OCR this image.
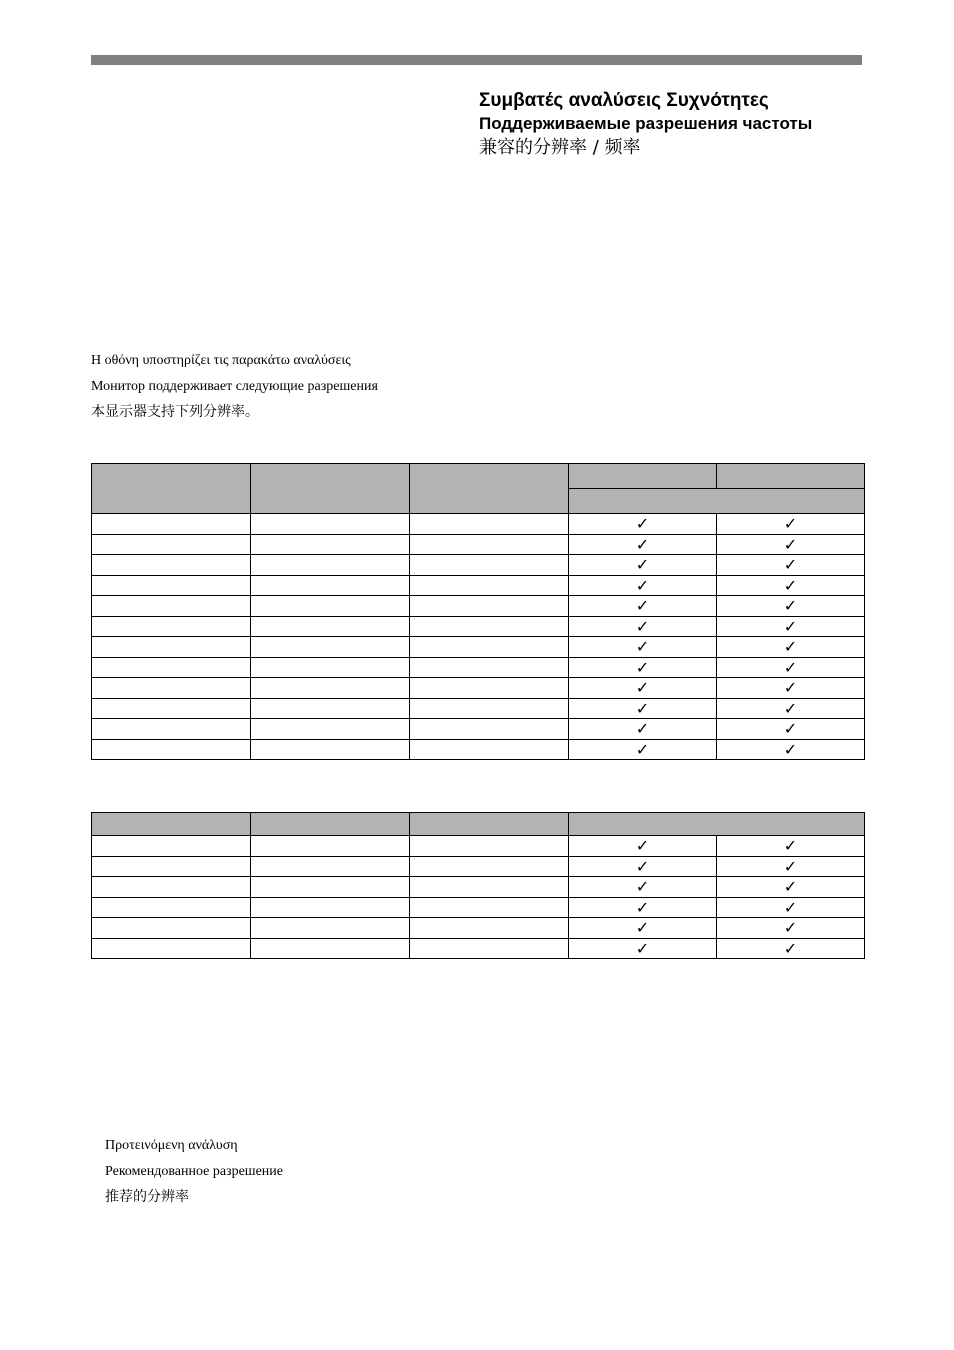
Συμβατές αναλύσεις Συχνότητες
Поддерживаемые разрешения частоты
兼容的分辨率 / 频率
Η οθόνη υποστηρίζει τις παρακάτω αναλύσεις
Монитор поддерживает следующие разрешения
本显示器支持下列分辨率。

			✓	✓
			✓	✓
			✓	✓
			✓	✓
			✓	✓
			✓	✓
			✓	✓
			✓	✓
			✓	✓
			✓	✓
			✓	✓
			✓	✓

			✓	✓
			✓	✓
			✓	✓
			✓	✓
			✓	✓
			✓	✓
Προτεινόμενη ανάλυση
Рекомендованное разрешение
推荐的分辨率
